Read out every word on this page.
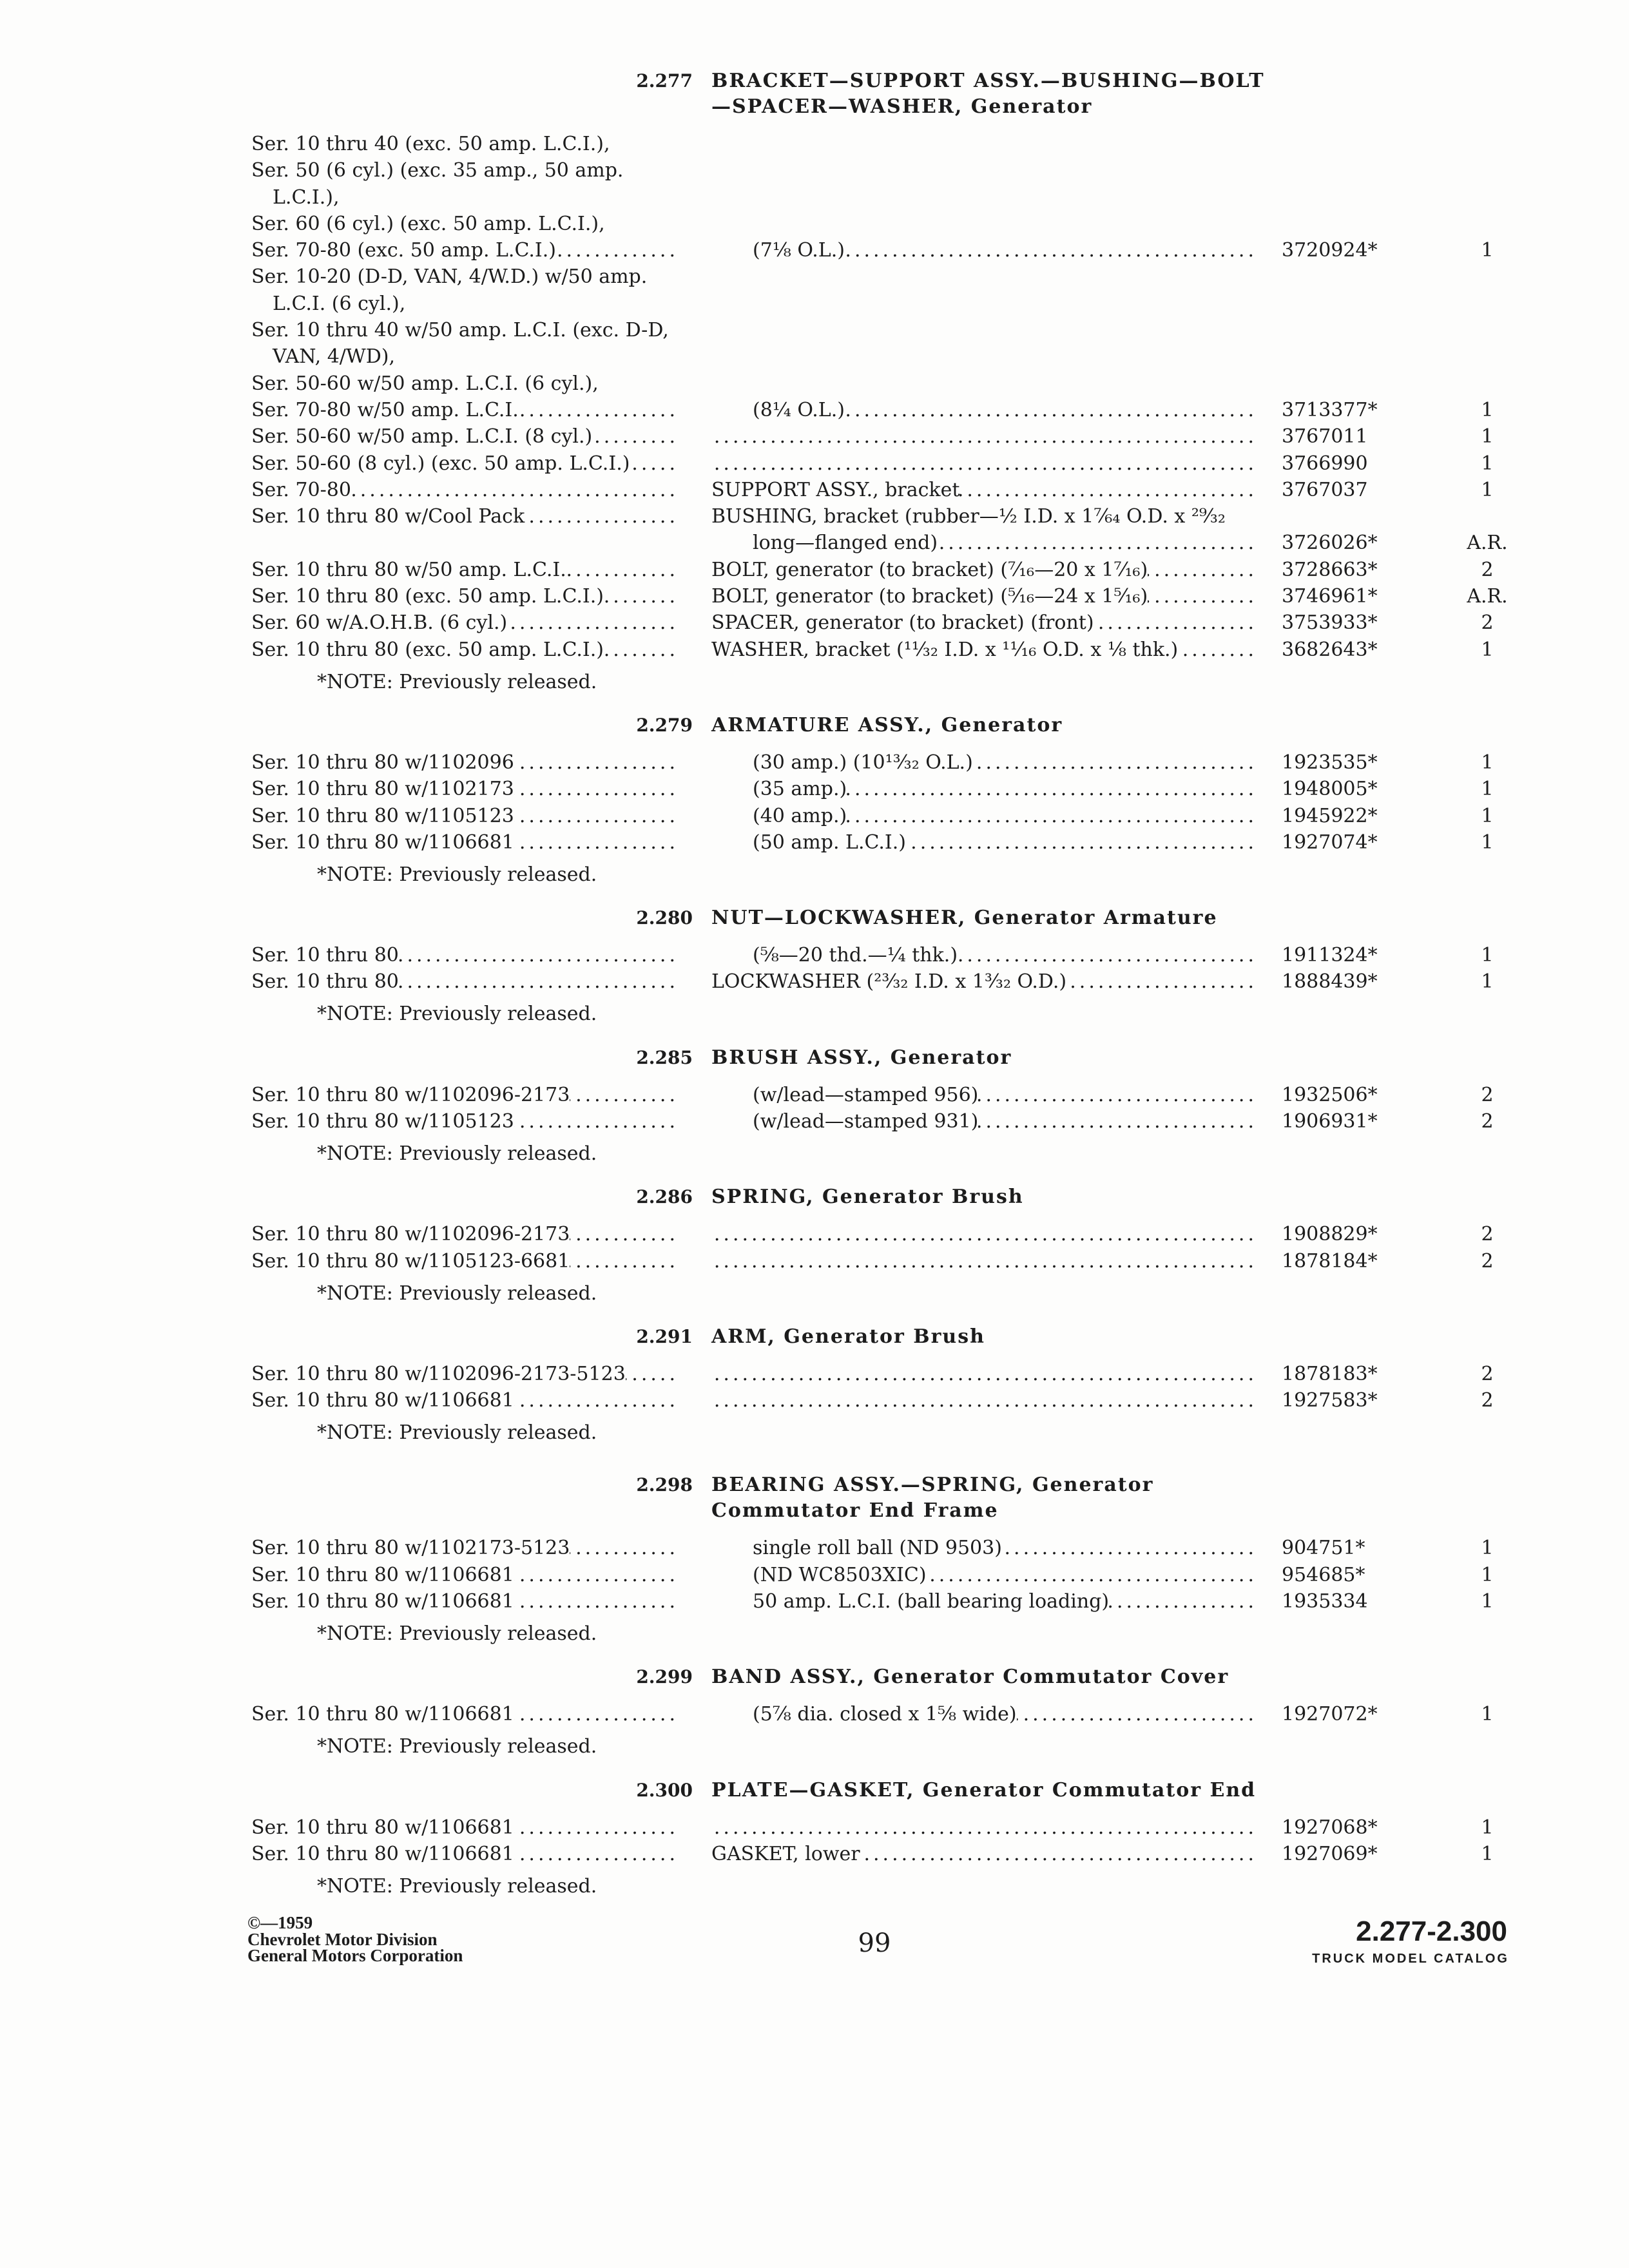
2.277 BRACKET—SUPPORT ASSY.—BUSHING—BOLT
—SPACER—WASHER, Generator
Ser. 10 thru 40 (exc. 50 amp. L.C.I.),
Ser. 50 (6 cyl.) (exc. 35 amp., 50 amp.
L.C.I.),
Ser. 60 (6 cyl.) (exc. 50 amp. L.C.I.),
Ser. 70-80 (exc. 50 amp. L.C.I.) .....	(7⅛ O.L.) .....	3720924*	1
Ser. 10-20 (D-D, VAN, 4/W.D.) w/50 amp.
L.C.I. (6 cyl.),
Ser. 10 thru 40 w/50 amp. L.C.I. (exc. D-D,
VAN, 4/WD),
Ser. 50-60 w/50 amp. L.C.I. (6 cyl.),
Ser. 70-80 w/50 amp. L.C.I. .....	(8¼ O.L.) .....	3713377*	1
Ser. 50-60 w/50 amp. L.C.I. (8 cyl.) ..... .....	3767011	1
Ser. 50-60 (8 cyl.) (exc. 50 amp. L.C.I.) ..... .....	3766990	1
Ser. 70-80 .....	SUPPORT ASSY., bracket .....	3767037	1
Ser. 10 thru 80 w/Cool Pack .....	BUSHING, bracket (rubber—½ I.D. x 1⁷⁄₆₄ O.D. x ²⁹⁄₃₂
long—flanged end) .....	3726026*	A.R.
Ser. 10 thru 80 w/50 amp. L.C.I. .....	BOLT, generator (to bracket) (⁷⁄₁₆—20 x 1⁷⁄₁₆) .....	3728663*	2
Ser. 10 thru 80 (exc. 50 amp. L.C.I.) .....	BOLT, generator (to bracket) (⁵⁄₁₆—24 x 1⁵⁄₁₆) .....	3746961*	A.R.
Ser. 60 w/A.O.H.B. (6 cyl.) .....	SPACER, generator (to bracket) (front) .....	3753933*	2
Ser. 10 thru 80 (exc. 50 amp. L.C.I.) .....	WASHER, bracket (¹¹⁄₃₂ I.D. x ¹¹⁄₁₆ O.D. x ⅛ thk.) .....	3682643*	1
*NOTE: Previously released.
2.279 ARMATURE ASSY., Generator
Ser. 10 thru 80 w/1102096 .....	(30 amp.) (10¹³⁄₃₂ O.L.) .....	1923535*	1
Ser. 10 thru 80 w/1102173 .....	(35 amp.) .....	1948005*	1
Ser. 10 thru 80 w/1105123 .....	(40 amp.) .....	1945922*	1
Ser. 10 thru 80 w/1106681 .....	(50 amp. L.C.I.) .....	1927074*	1
*NOTE: Previously released.
2.280 NUT—LOCKWASHER, Generator Armature
Ser. 10 thru 80 .....	(⅝—20 thd.—¼ thk.) .....	1911324*	1
Ser. 10 thru 80 .....	LOCKWASHER (²³⁄₃₂ I.D. x 1³⁄₃₂ O.D.) .....	1888439*	1
*NOTE: Previously released.
2.285 BRUSH ASSY., Generator
Ser. 10 thru 80 w/1102096-2173 .....	(w/lead—stamped 956) .....	1932506*	2
Ser. 10 thru 80 w/1105123 .....	(w/lead—stamped 931) .....	1906931*	2
*NOTE: Previously released.
2.286 SPRING, Generator Brush
Ser. 10 thru 80 w/1102096-2173 ..... .....	1908829*	2
Ser. 10 thru 80 w/1105123-6681 ..... .....	1878184*	2
*NOTE: Previously released.
2.291 ARM, Generator Brush
Ser. 10 thru 80 w/1102096-2173-5123 ..... .....	1878183*	2
Ser. 10 thru 80 w/1106681 ..... .....	1927583*	2
*NOTE: Previously released.
2.298 BEARING ASSY.—SPRING, Generator
Commutator End Frame
Ser. 10 thru 80 w/1102173-5123 .....	single roll ball (ND 9503) .....	904751*	1
Ser. 10 thru 80 w/1106681 .....	(ND WC8503XIC) .....	954685*	1
Ser. 10 thru 80 w/1106681 .....	50 amp. L.C.I. (ball bearing loading) .....	1935334	1
*NOTE: Previously released.
2.299 BAND ASSY., Generator Commutator Cover
Ser. 10 thru 80 w/1106681 .....	(5⅞ dia. closed x 1⅝ wide) .....	1927072*	1
*NOTE: Previously released.
2.300 PLATE—GASKET, Generator Commutator End
Ser. 10 thru 80 w/1106681 ..... .....	1927068*	1
Ser. 10 thru 80 w/1106681 .....	GASKET, lower .....	1927069*	1
*NOTE: Previously released.
©—1959
Chevrolet Motor Division
General Motors Corporation	99	2.277-2.300
TRUCK MODEL CATALOG
